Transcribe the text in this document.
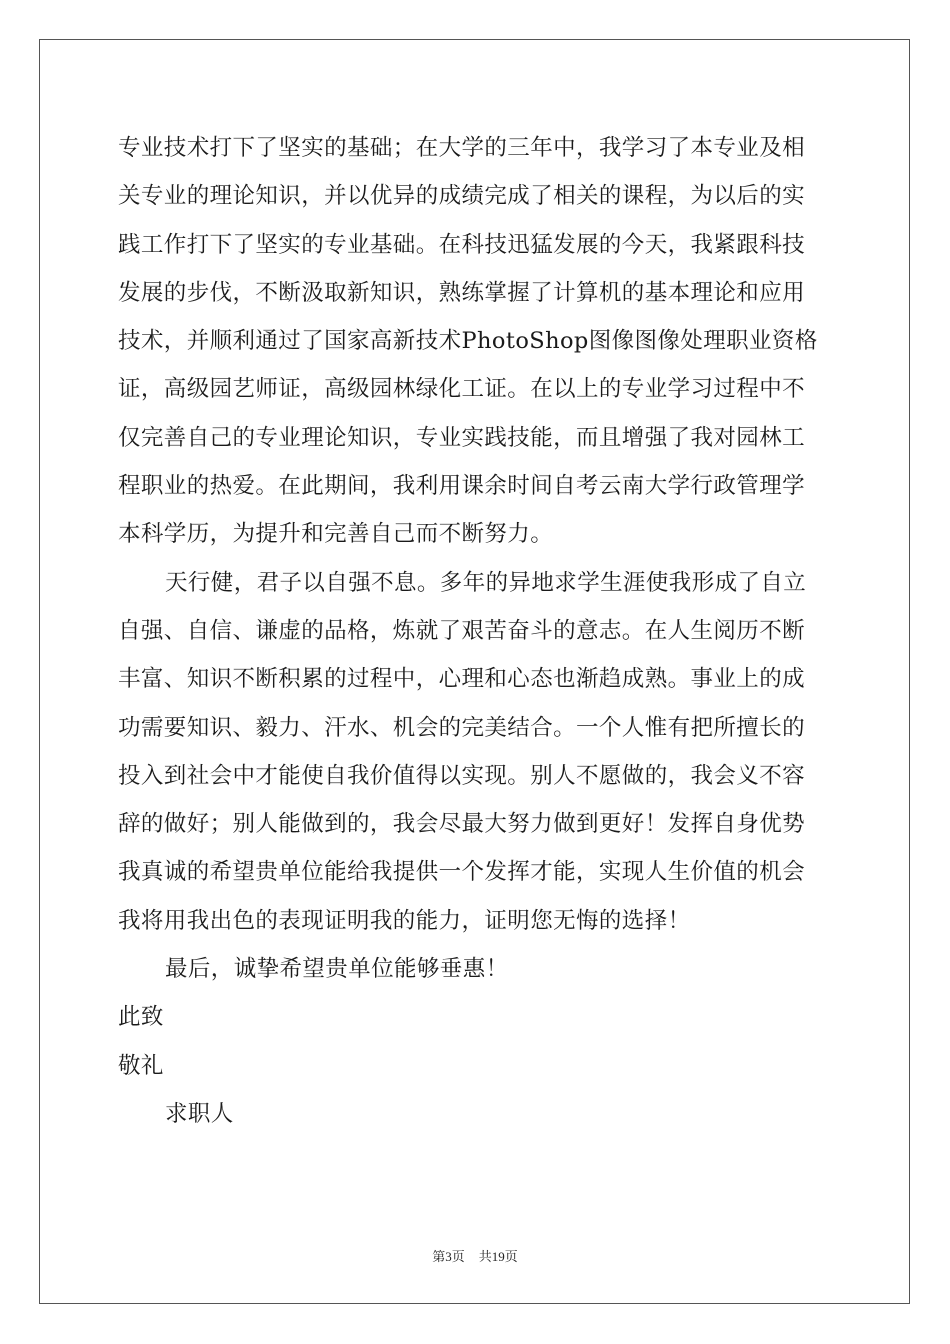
专业技术打下了坚实的基础；在大学的三年中，我学习了本专业及相
关专业的理论知识，并以优异的成绩完成了相关的课程，为以后的实
践工作打下了坚实的专业基础。在科技迅猛发展的今天，我紧跟科技
发展的步伐，不断汲取新知识，熟练掌握了计算机的基本理论和应用
技术，并顺利通过了国家高新技术PhotoShop图像图像处理职业资格
证，高级园艺师证，高级园林绿化工证。在以上的专业学习过程中不
仅完善自己的专业理论知识，专业实践技能，而且增强了我对园林工
程职业的热爱。在此期间，我利用课余时间自考云南大学行政管理学
本科学历，为提升和完善自己而不断努力。
天行健，君子以自强不息。多年的异地求学生涯使我形成了自立
自强、自信、谦虚的品格，炼就了艰苦奋斗的意志。在人生阅历不断
丰富、知识不断积累的过程中，心理和心态也渐趋成熟。事业上的成
功需要知识、毅力、汗水、机会的完美结合。一个人惟有把所擅长的
投入到社会中才能使自我价值得以实现。别人不愿做的，我会义不容
辞的做好；别人能做到的，我会尽最大努力做到更好！发挥自身优势
我真诚的希望贵单位能给我提供一个发挥才能，实现人生价值的机会
我将用我出色的表现证明我的能力，证明您无悔的选择！
最后，诚挚希望贵单位能够垂惠！
此致
敬礼
求职人
第3页 共19页
